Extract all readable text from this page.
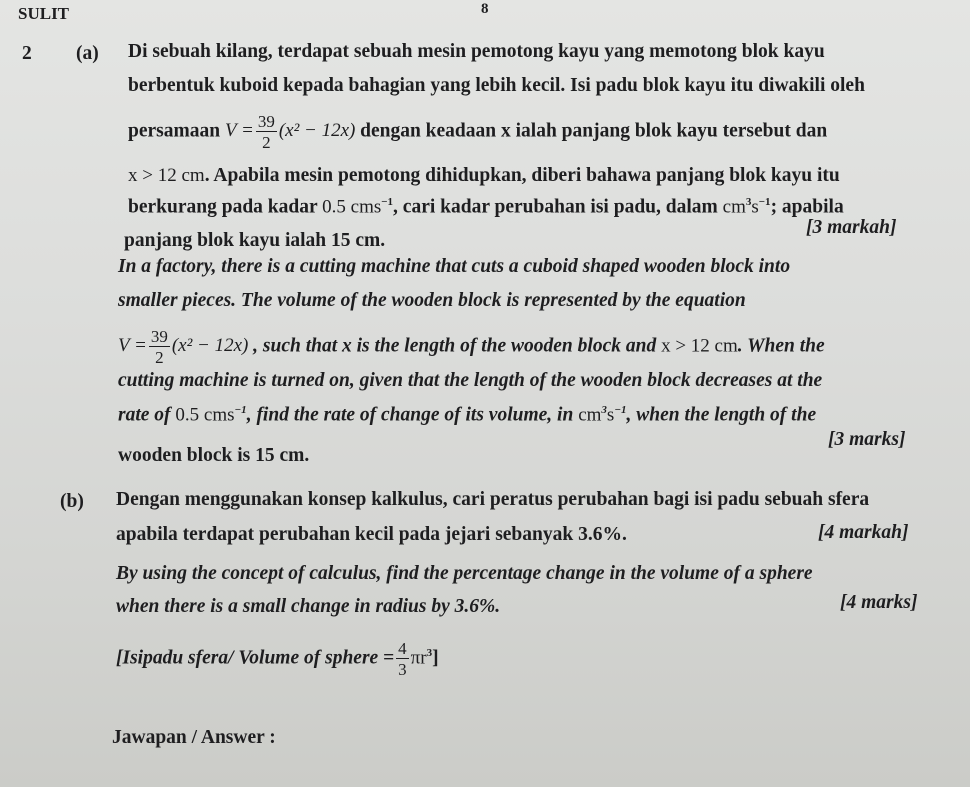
SULIT	8
2 (a) Di sebuah kilang, terdapat sebuah mesin pemotong kayu yang memotong blok kayu
berbentuk kuboid kepada bahagian yang lebih kecil. Isi padu blok kayu itu diwakili oleh
persamaan $V = \frac{39}{2} (x^2 - 12x)$ dengan keadaan x ialah panjang blok kayu tersebut dan
x > 12 cm. Apabila mesin pemotong dihidupkan, diberi bahawa panjang blok kayu itu
berkurang pada kadar 0.5 cms$^{-1}$, cari kadar perubahan isi padu, dalam $cm^3s^{-1}$; apabila
panjang blok kayu ialah 15 cm.
[3 markah]
In a factory, there is a cutting machine that cuts a cuboid shaped wooden block into
smaller pieces. The volume of the wooden block is represented by the equation
$V = \frac{39}{2} (x^2 - 12x)$ , such that x is the length of the wooden block and x > 12 cm. When the
cutting machine is turned on, given that the length of the wooden block decreases at the
rate of 0.5 cms$^{-1}$, find the rate of change of its volume, in $cm^3s^{-1}$, when the length of the
wooden block is 15 cm.
[3 marks]
(b) Dengan menggunakan konsep kalkulus, cari peratus perubahan bagi isi padu sebuah sfera
apabila terdapat perubahan kecil pada jejari sebanyak 3.6%.	[4 markah]
By using the concept of calculus, find the percentage change in the volume of a sphere
when there is a small change in radius by 3.6%.	[4 marks]
[Isipadu sfera/ Volume of sphere = $\frac{4}{3} \pi r^3$]
Jawapan / Answer :
